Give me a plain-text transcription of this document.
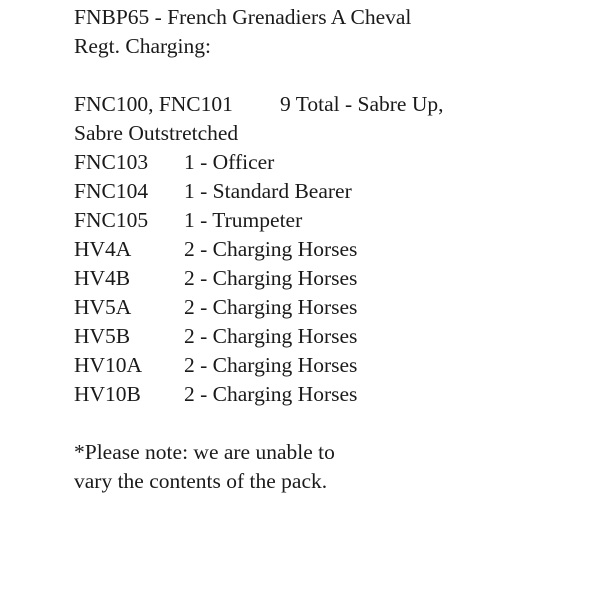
FNBP65 - French Grenadiers A Cheval
Regt. Charging:
FNC100, FNC101	9 Total - Sabre Up,
Sabre Outstretched
FNC103	1 - Officer
FNC104	1 - Standard Bearer
FNC105	1 - Trumpeter
HV4A	2 - Charging Horses
HV4B	2 - Charging Horses
HV5A	2 - Charging Horses
HV5B	2 - Charging Horses
HV10A	2 - Charging Horses
HV10B	2 - Charging Horses
*Please note: we are unable to
vary the contents of the pack.
